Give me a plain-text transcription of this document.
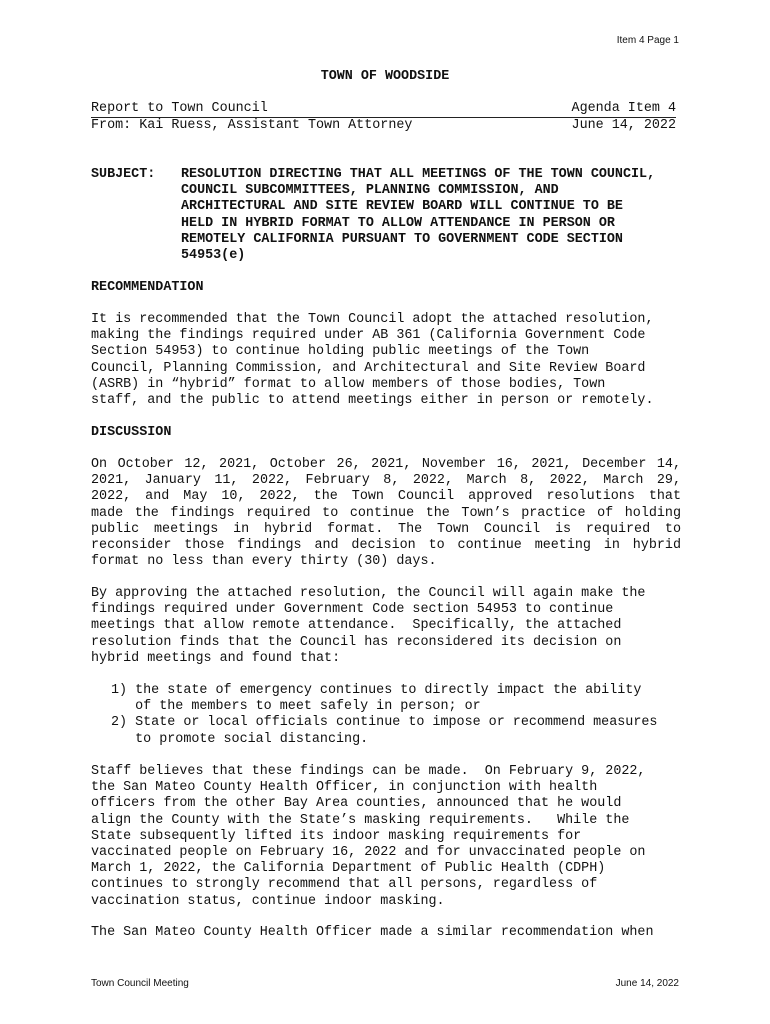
Item 4 Page 1
TOWN OF WOODSIDE
Report to Town Council	Agenda Item 4
From: Kai Ruess, Assistant Town Attorney	June 14, 2022
SUBJECT: RESOLUTION DIRECTING THAT ALL MEETINGS OF THE TOWN COUNCIL,
COUNCIL SUBCOMMITTEES, PLANNING COMMISSION, AND
ARCHITECTURAL AND SITE REVIEW BOARD WILL CONTINUE TO BE
HELD IN HYBRID FORMAT TO ALLOW ATTENDANCE IN PERSON OR
REMOTELY CALIFORNIA PURSUANT TO GOVERNMENT CODE SECTION
54953(e)
RECOMMENDATION
It is recommended that the Town Council adopt the attached resolution,
making the findings required under AB 361 (California Government Code
Section 54953) to continue holding public meetings of the Town
Council, Planning Commission, and Architectural and Site Review Board
(ASRB) in “hybrid” format to allow members of those bodies, Town
staff, and the public to attend meetings either in person or remotely.
DISCUSSION
On October 12, 2021, October 26, 2021, November 16, 2021, December 14,
2021, January 11, 2022, February 8, 2022, March 8, 2022, March 29,
2022, and May 10, 2022, the Town Council approved resolutions that
made the findings required to continue the Town’s practice of holding
public meetings in hybrid format. The Town Council is required to
reconsider those findings and decision to continue meeting in hybrid
format no less than every thirty (30) days.
By approving the attached resolution, the Council will again make the
findings required under Government Code section 54953 to continue
meetings that allow remote attendance.  Specifically, the attached
resolution finds that the Council has reconsidered its decision on
hybrid meetings and found that:
1) the state of emergency continues to directly impact the ability
of the members to meet safely in person; or
2) State or local officials continue to impose or recommend measures
to promote social distancing.
Staff believes that these findings can be made.  On February 9, 2022,
the San Mateo County Health Officer, in conjunction with health
officers from the other Bay Area counties, announced that he would
align the County with the State’s masking requirements.   While the
State subsequently lifted its indoor masking requirements for
vaccinated people on February 16, 2022 and for unvaccinated people on
March 1, 2022, the California Department of Public Health (CDPH)
continues to strongly recommend that all persons, regardless of
vaccination status, continue indoor masking.
The San Mateo County Health Officer made a similar recommendation when
Town Council Meeting	June 14, 2022
